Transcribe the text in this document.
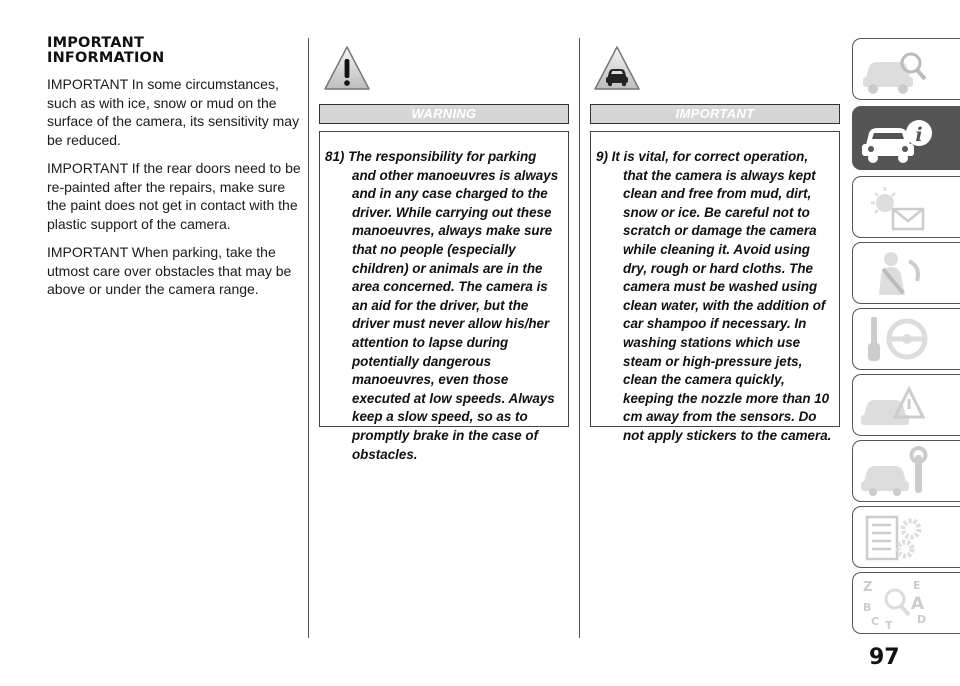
IMPORTANT INFORMATION

IMPORTANT In some circumstances, such as with ice, snow or mud on the surface of the camera, its sensitivity may be reduced.

IMPORTANT If the rear doors need to be re-painted after the repairs, make sure the paint does not get in contact with the plastic support of the camera.

IMPORTANT When parking, take the utmost care over obstacles that may be above or under the camera range.

WARNING

81) The responsibility for parking and other manoeuvres is always and in any case charged to the driver. While carrying out these manoeuvres, always make sure that no people (especially children) or animals are in the area concerned. The camera is an aid for the driver, but the driver must never allow his/her attention to lapse during potentially dangerous manoeuvres, even those executed at low speeds. Always keep a slow speed, so as to promptly brake in the case of obstacles.

IMPORTANT

9) It is vital, for correct operation, that the camera is always kept clean and free from mud, dirt, snow or ice. Be careful not to scratch or damage the camera while cleaning it. Avoid using dry, rough or hard cloths. The camera must be washed using clean water, with the addition of car shampoo if necessary. In washing stations which use steam or high-pressure jets, clean the camera quickly, keeping the nozzle more than 10 cm away from the sensors. Do not apply stickers to the camera.

i
Z	E
B A
C	D
T
97
